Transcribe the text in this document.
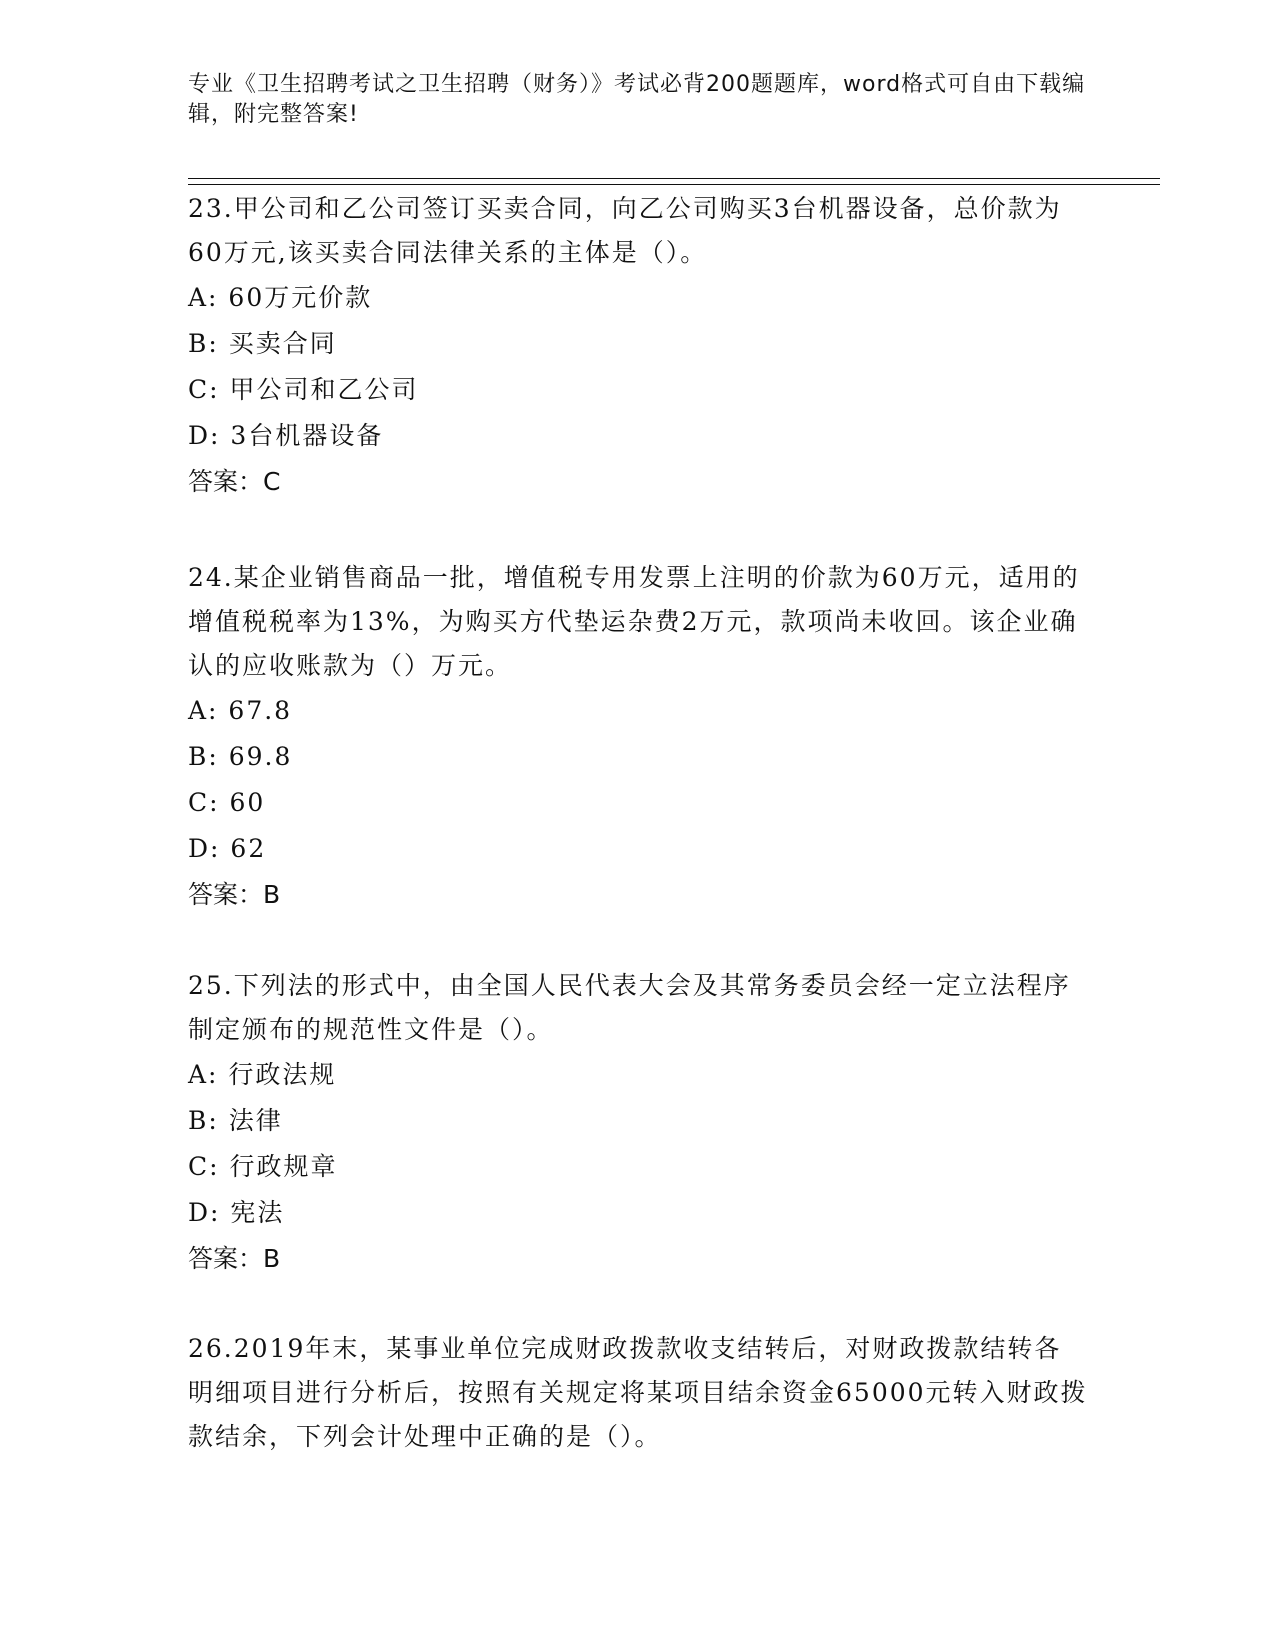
专业《卫生招聘考试之卫生招聘（财务）》考试必背200题题库，word格式可自由下载编辑，附完整答案!
23.甲公司和乙公司签订买卖合同，向乙公司购买3台机器设备，总价款为60万元,该买卖合同法律关系的主体是（）。
A: 60万元价款
B: 买卖合同
C: 甲公司和乙公司
D: 3台机器设备
答案：C
24.某企业销售商品一批，增值税专用发票上注明的价款为60万元，适用的增值税税率为13%，为购买方代垫运杂费2万元，款项尚未收回。该企业确认的应收账款为（）万元。
A: 67.8
B: 69.8
C: 60
D: 62
答案：B
25.下列法的形式中，由全国人民代表大会及其常务委员会经一定立法程序制定颁布的规范性文件是（）。
A: 行政法规
B: 法律
C: 行政规章
D: 宪法
答案：B
26.2019年末，某事业单位完成财政拨款收支结转后，对财政拨款结转各明细项目进行分析后，按照有关规定将某项目结余资金65000元转入财政拨款结余，下列会计处理中正确的是（）。
